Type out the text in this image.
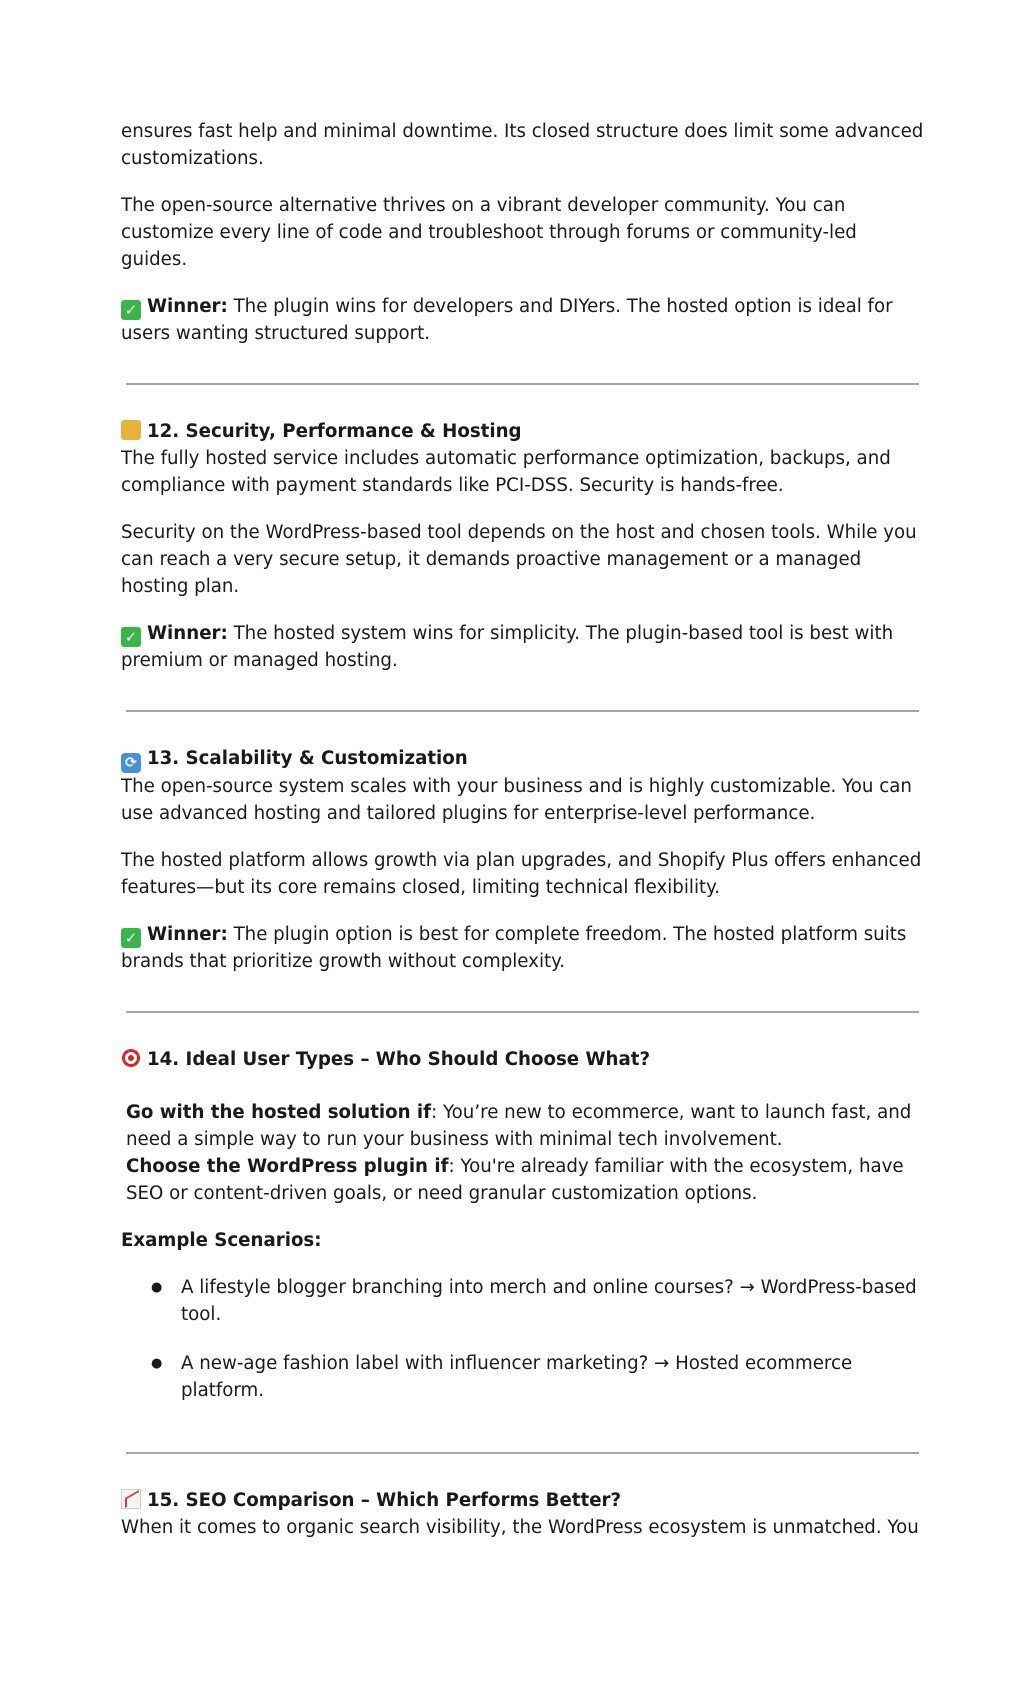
ensures fast help and minimal downtime. Its closed structure does limit some advanced customizations.

The open-source alternative thrives on a vibrant developer community. You can customize every line of code and troubleshoot through forums or community-led guides.

✓ Winner: The plugin wins for developers and DIYers. The hosted option is ideal for users wanting structured support.

12. Security, Performance & Hosting

The fully hosted service includes automatic performance optimization, backups, and compliance with payment standards like PCI-DSS. Security is hands-free.

Security on the WordPress-based tool depends on the host and chosen tools. While you can reach a very secure setup, it demands proactive management or a managed hosting plan.

✓ Winner: The hosted system wins for simplicity. The plugin-based tool is best with premium or managed hosting.

⟳ 13. Scalability & Customization

The open-source system scales with your business and is highly customizable. You can use advanced hosting and tailored plugins for enterprise-level performance.

The hosted platform allows growth via plan upgrades, and Shopify Plus offers enhanced features—but its core remains closed, limiting technical flexibility.

✓ Winner: The plugin option is best for complete freedom. The hosted platform suits brands that prioritize growth without complexity.

14. Ideal User Types – Who Should Choose What?

Go with the hosted solution if: You’re new to ecommerce, want to launch fast, and need a simple way to run your business with minimal tech involvement.

Choose the WordPress plugin if: You're already familiar with the ecosystem, have SEO or content-driven goals, or need granular customization options.

Example Scenarios:

● A lifestyle blogger branching into merch and online courses? → WordPress-based tool.
● A new-age fashion label with influencer marketing? → Hosted ecommerce platform.
15. SEO Comparison – Which Performs Better?

When it comes to organic search visibility, the WordPress ecosystem is unmatched. You
